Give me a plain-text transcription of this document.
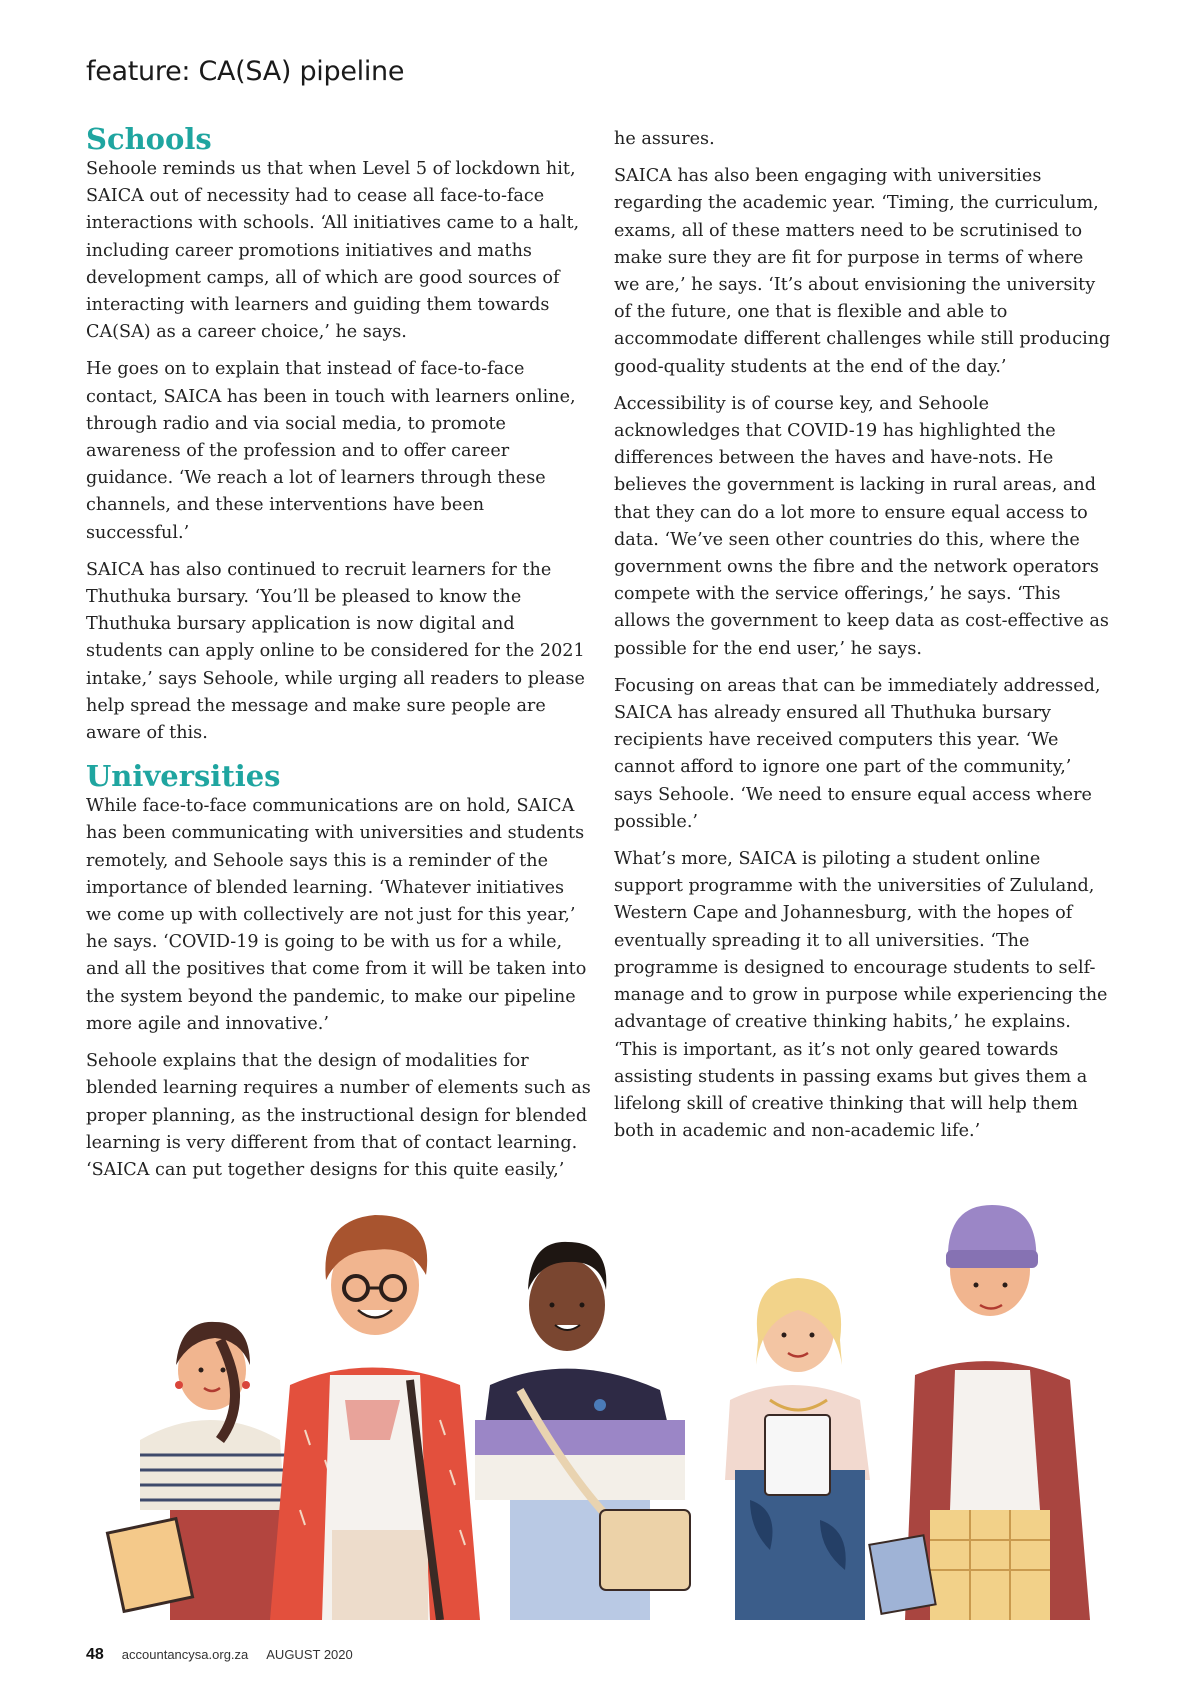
feature: CA(SA) pipeline
Schools

Sehoole reminds us that when Level 5 of lockdown hit, SAICA out of necessity had to cease all face-to-face interactions with schools. ‘All initiatives came to a halt, including career promotions initiatives and maths development camps, all of which are good sources of interacting with learners and guiding them towards CA(SA) as a career choice,’ he says.

He goes on to explain that instead of face-to-face contact, SAICA has been in touch with learners online, through radio and via social media, to promote awareness of the profession and to offer career guidance. ‘We reach a lot of learners through these channels, and these interventions have been successful.’

SAICA has also continued to recruit learners for the Thuthuka bursary. ‘You’ll be pleased to know the Thuthuka bursary application is now digital and students can apply online to be considered for the 2021 intake,’ says Sehoole, while urging all readers to please help spread the message and make sure people are aware of this.

Universities

While face-to-face communications are on hold, SAICA has been communicating with universities and students remotely, and Sehoole says this is a reminder of the importance of blended learning. ‘Whatever initiatives we come up with collectively are not just for this year,’ he says. ‘COVID-19 is going to be with us for a while, and all the positives that come from it will be taken into the system beyond the pandemic, to make our pipeline more agile and innovative.’

Sehoole explains that the design of modalities for blended learning requires a number of elements such as proper planning, as the instructional design for blended learning is very different from that of contact learning. ‘SAICA can put together designs for this quite easily,’

he assures.

SAICA has also been engaging with universities regarding the academic year. ‘Timing, the curriculum, exams, all of these matters need to be scrutinised to make sure they are fit for purpose in terms of where we are,’ he says. ‘It’s about envisioning the university of the future, one that is flexible and able to accommodate different challenges while still producing good-quality students at the end of the day.’

Accessibility is of course key, and Sehoole acknowledges that COVID-19 has highlighted the differences between the haves and have-nots. He believes the government is lacking in rural areas, and that they can do a lot more to ensure equal access to data. ‘We’ve seen other countries do this, where the government owns the fibre and the network operators compete with the service offerings,’ he says. ‘This allows the government to keep data as cost-effective as possible for the end user,’ he says.

Focusing on areas that can be immediately addressed, SAICA has already ensured all Thuthuka bursary recipients have received computers this year. ‘We cannot afford to ignore one part of the community,’ says Sehoole. ‘We need to ensure equal access where possible.’

What’s more, SAICA is piloting a student online support programme with the universities of Zululand, Western Cape and Johannesburg, with the hopes of eventually spreading it to all universities. ‘The programme is designed to encourage students to self-manage and to grow in purpose while experiencing the advantage of creative thinking habits,’ he explains. ‘This is important, as it’s not only geared towards assisting students in passing exams but gives them a lifelong skill of creative thinking that will help them both in academic and non-academic life.’

48 accountancysa.org.za AUGUST 2020
